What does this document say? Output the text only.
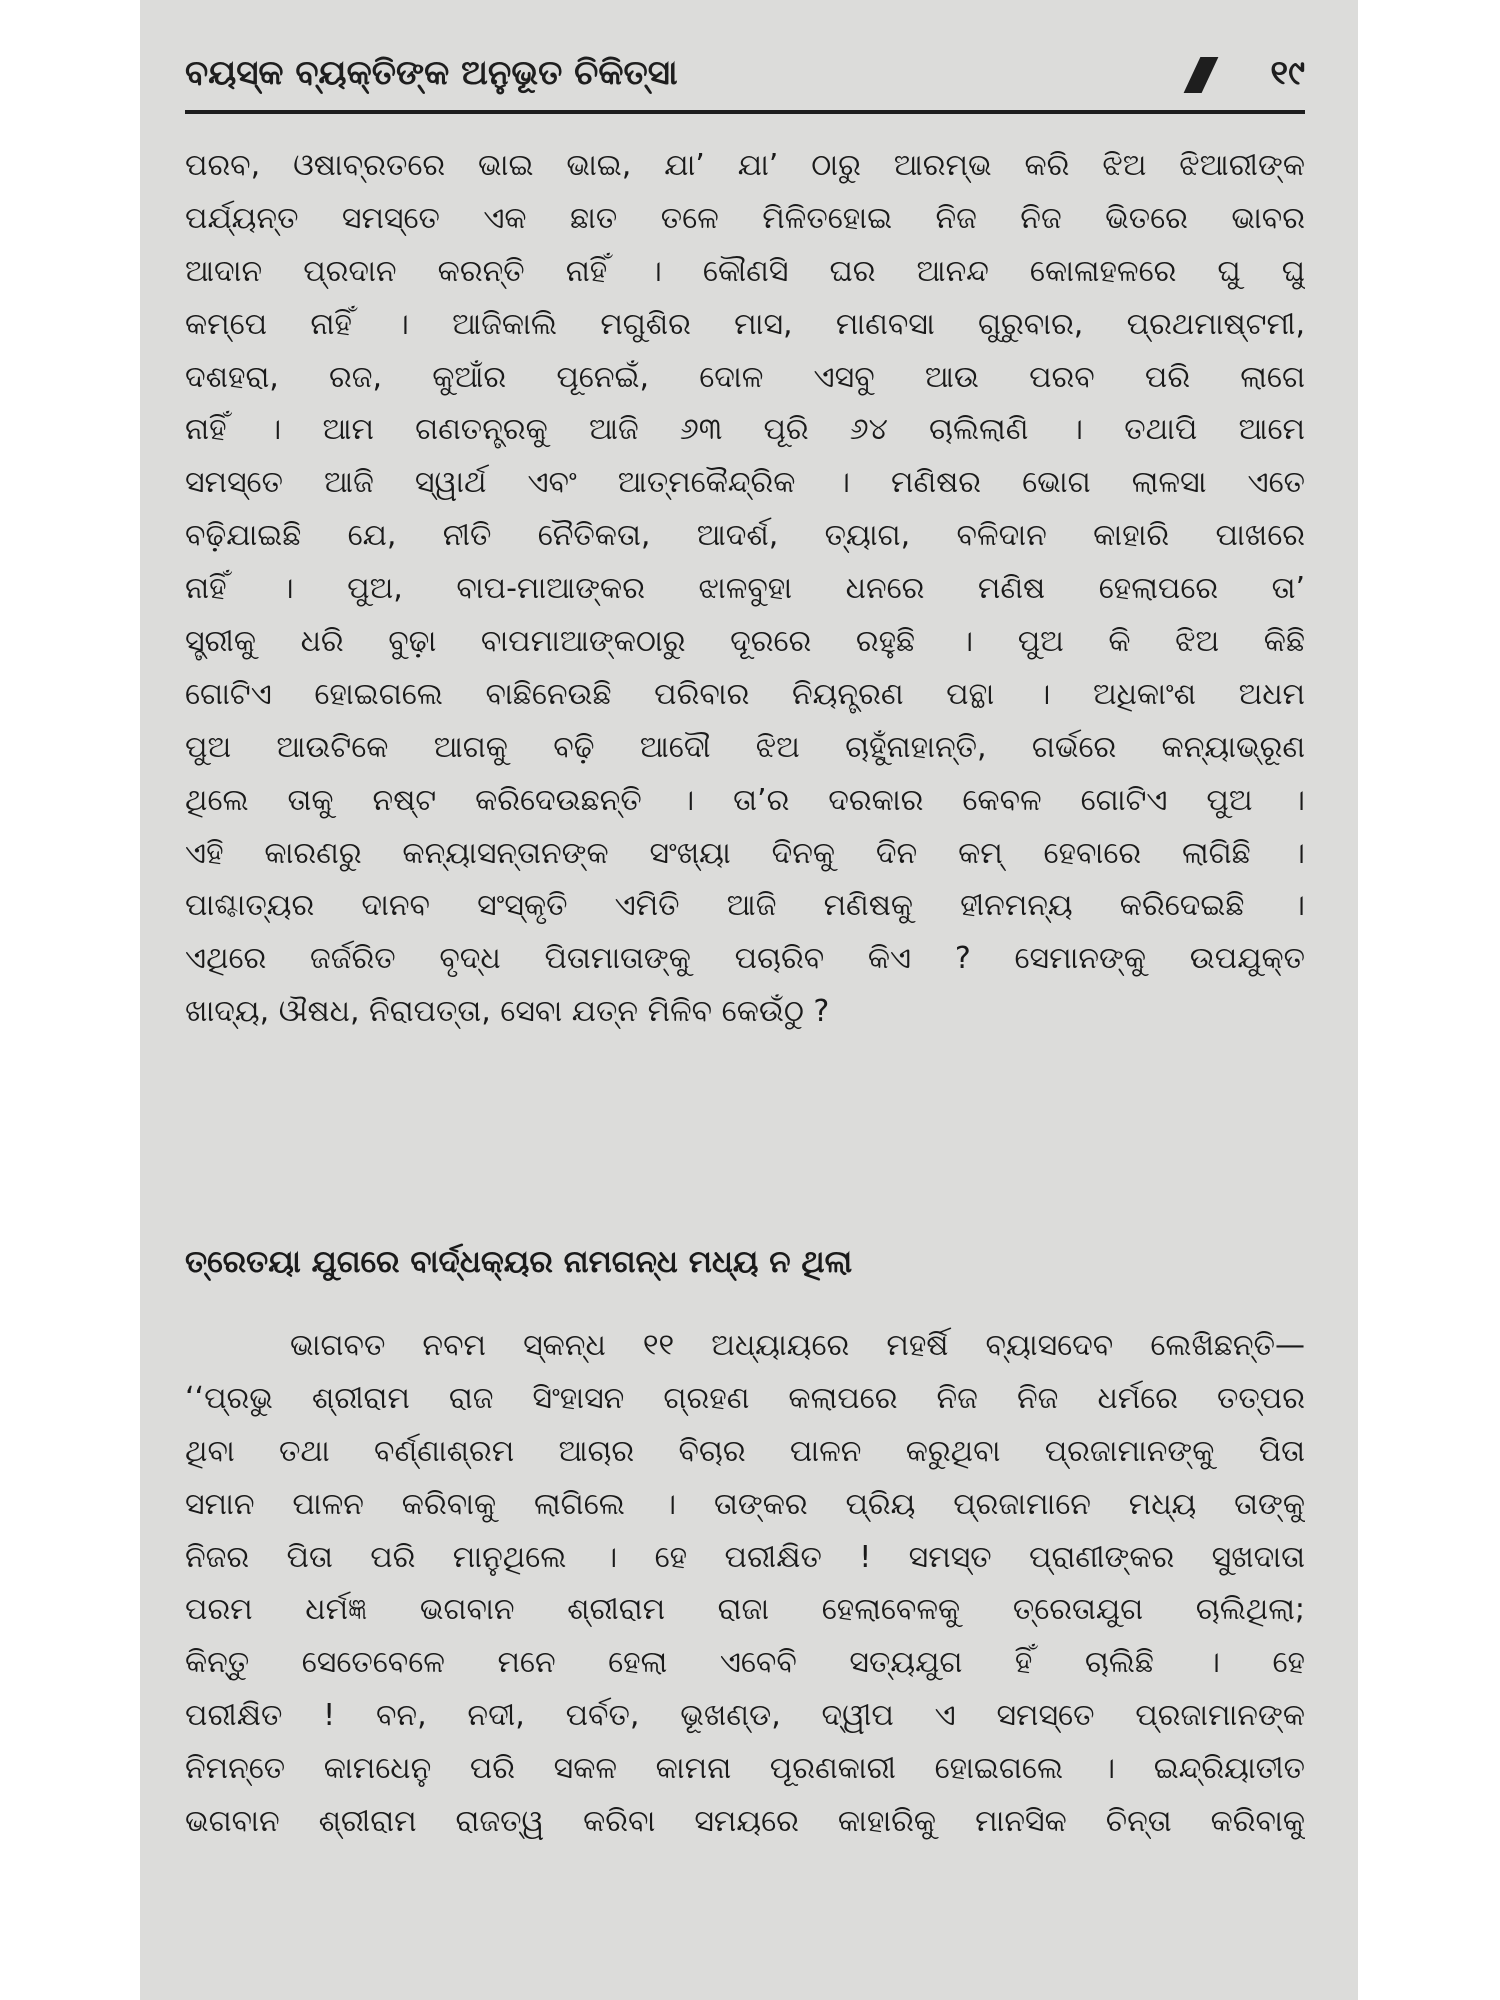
ବୟସ୍କ ବ୍ୟକ୍ତିଙ୍କ ଅନୁଭୂତ ଚିକିତ୍ସା	୧୯
ପରବ, ଓଷାବ୍ରତରେ ଭାଇ ଭାଇ, ଯା’ ଯା’ ଠାରୁ ଆରମ୍ଭ କରି ଝିଅ ଝିଆରୀଙ୍କ
ପର୍ଯ୍ୟନ୍ତ ସମସ୍ତେ ଏକ ଛାତ ତଳେ ମିଳିତହୋଇ ନିଜ ନିଜ ଭିତରେ ଭାବର
ଆଦାନ ପ୍ରଦାନ କରନ୍ତି ନାହିଁ । କୌଣସି ଘର ଆନନ୍ଦ କୋଳାହଳରେ ଘୁ ଘୁ
କମ୍ପେ ନାହିଁ । ଆଜିକାଲି ମଗୁଶିର ମାସ, ମାଣବସା ଗୁରୁବାର, ପ୍ରଥମାଷ୍ଟମୀ,
ଦଶହରା, ରଜ, କୁଆଁର ପୂନେଇଁ, ଦୋଳ ଏସବୁ ଆଉ ପରବ ପରି ଲାଗେ
ନାହିଁ । ଆମ ଗଣତନ୍ତ୍ରକୁ ଆଜି ୬୩ ପୂରି ୬୪ ଚାଲିଲାଣି । ତଥାପି ଆମେ
ସମସ୍ତେ ଆଜି ସ୍ୱାର୍ଥ ଏବଂ ଆତ୍ମକୈନ୍ଦ୍ରିକ । ମଣିଷର ଭୋଗ ଲାଳସା ଏତେ
ବଢ଼ିଯାଇଛି ଯେ, ନୀତି ନୈତିକତା, ଆଦର୍ଶ, ତ୍ୟାଗ, ବଳିଦାନ କାହାରି ପାଖରେ
ନାହିଁ । ପୁଅ, ବାପ-ମାଆଙ୍କର ଝାଳବୁହା ଧନରେ ମଣିଷ ହେଲାପରେ ତା’
ସ୍ତ୍ରୀକୁ ଧରି ବୁଢ଼ା ବାପମାଆଙ୍କଠାରୁ ଦୂରରେ ରହୁଛି । ପୁଅ କି ଝିଅ କିଛି
ଗୋଟିଏ ହୋଇଗଲେ ବାଛିନେଉଛି ପରିବାର ନିୟନ୍ତ୍ରଣ ପନ୍ଥା । ଅଧିକାଂଶ ଅଧମ
ପୁଅ ଆଉଟିକେ ଆଗକୁ ବଢ଼ି ଆଦୌ ଝିଅ ଚାହୁଁନାହାନ୍ତି, ଗର୍ଭରେ କନ୍ୟାଭ୍ରୂଣ
ଥିଲେ ତାକୁ ନଷ୍ଟ କରିଦେଉଛନ୍ତି । ତା’ର ଦରକାର କେବଳ ଗୋଟିଏ ପୁଅ ।
ଏହି କାରଣରୁ କନ୍ୟାସନ୍ତାନଙ୍କ ସଂଖ୍ୟା ଦିନକୁ ଦିନ କମ୍ ହେବାରେ ଲାଗିଛି ।
ପାଶ୍ଚାତ୍ୟର ଦାନବ ସଂସ୍କୃତି ଏମିତି ଆଜି ମଣିଷକୁ ହୀନମନ୍ୟ କରିଦେଇଛି ।
ଏଥିରେ ଜର୍ଜରିତ ବୃଦ୍ଧ ପିତାମାତାଙ୍କୁ ପଚାରିବ କିଏ ? ସେମାନଙ୍କୁ ଉପଯୁକ୍ତ
ଖାଦ୍ୟ, ଔଷଧ, ନିରାପତ୍ତା, ସେବା ଯତ୍ନ ମିଳିବ କେଉଁଠୁ ?
ତ୍ରେତୟା ଯୁଗରେ ବାର୍ଦ୍ଧକ୍ୟର ନାମଗନ୍ଧ ମଧ୍ୟ ନ ଥିଲା
ଭାଗବତ ନବମ ସ୍କନ୍ଧ ୧୧ ଅଧ୍ୟାୟରେ ମହର୍ଷି ବ୍ୟାସଦେବ ଲେଖିଛନ୍ତି—
‘‘ପ୍ରଭୁ ଶ୍ରୀରାମ ରାଜ ସିଂହାସନ ଗ୍ରହଣ କଲାପରେ ନିଜ ନିଜ ଧର୍ମରେ ତତ୍ପର
ଥିବା ତଥା ବର୍ଣ୍ଣାଶ୍ରମ ଆଚାର ବିଚାର ପାଳନ କରୁଥିବା ପ୍ରଜାମାନଙ୍କୁ ପିତା
ସମାନ ପାଳନ କରିବାକୁ ଲାଗିଲେ । ତାଙ୍କର ପ୍ରିୟ ପ୍ରଜାମାନେ ମଧ୍ୟ ତାଙ୍କୁ
ନିଜର ପିତା ପରି ମାନୁଥିଲେ । ହେ ପରୀକ୍ଷିତ ! ସମସ୍ତ ପ୍ରାଣୀଙ୍କର ସୁଖଦାତା
ପରମ ଧର୍ମଜ୍ଞ ଭଗବାନ ଶ୍ରୀରାମ ରାଜା ହେଲାବେଳକୁ ତ୍ରେତାଯୁଗ ଚାଲିଥିଲା;
କିନ୍ତୁ ସେତେବେଳେ ମନେ ହେଲା ଏବେବି ସତ୍ୟଯୁଗ ହିଁ ଚାଲିଛି । ହେ
ପରୀକ୍ଷିତ ! ବନ, ନଦୀ, ପର୍ବତ, ଭୂଖଣ୍ଡ, ଦ୍ୱୀପ ଏ ସମସ୍ତେ ପ୍ରଜାମାନଙ୍କ
ନିମନ୍ତେ କାମଧେନୁ ପରି ସକଳ କାମନା ପୂରଣକାରୀ ହୋଇଗଲେ । ଇନ୍ଦ୍ରିୟାତୀତ
ଭଗବାନ ଶ୍ରୀରାମ ରାଜତ୍ୱ କରିବା ସମୟରେ କାହାରିକୁ ମାନସିକ ଚିନ୍ତା କରିବାକୁ
